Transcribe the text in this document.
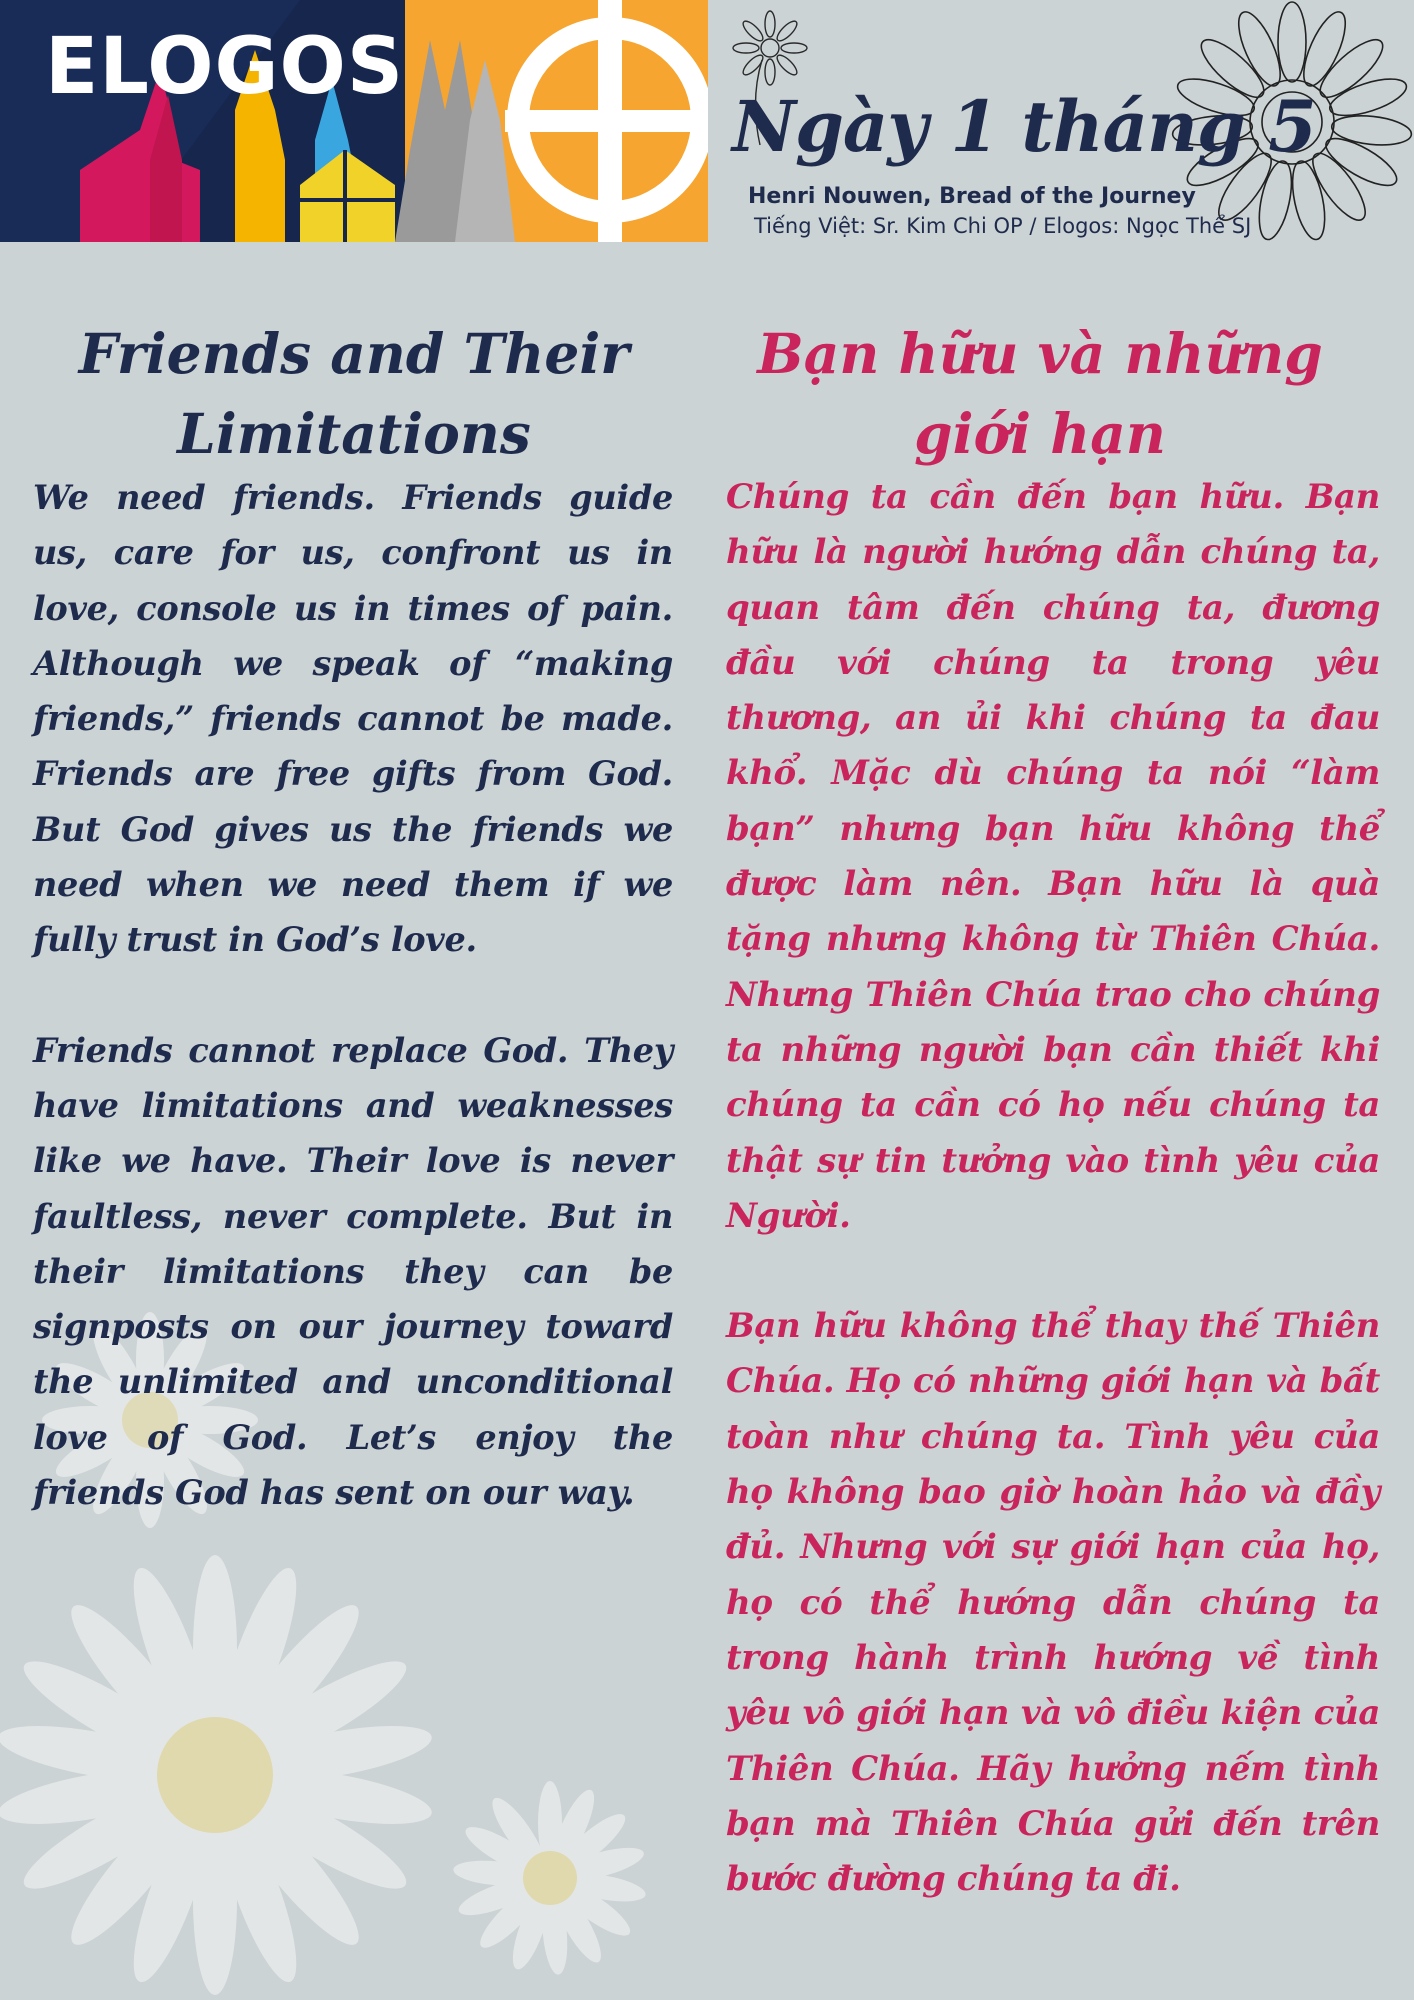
ELOGOS
Ngày 1 tháng 5
Henri Nouwen, Bread of the Journey
Tiếng Việt: Sr. Kim Chi OP / Elogos: Ngọc Thể SJ
Friends and Their
Limitations

We need friends. Friends guide us, care for us, confront us in love, console us in times of pain. Although we speak of “making friends,” friends cannot be made. Friends are free gifts from God. But God gives us the friends we need when we need them if we fully trust in God’s love.

Friends cannot replace God. They have limitations and weaknesses like we have. Their love is never faultless, never complete. But in their limitations they can be signposts on our journey toward the unlimited and unconditional love of God. Let’s enjoy the friends God has sent on our way.

Bạn hữu và những
giới hạn

Chúng ta cần đến bạn hữu. Bạn hữu là người hướng dẫn chúng ta, quan tâm đến chúng ta, đương đầu với chúng ta trong yêu thương, an ủi khi chúng ta đau khổ. Mặc dù chúng ta nói “làm bạn” nhưng bạn hữu không thể được làm nên. Bạn hữu là quà tặng nhưng không từ Thiên Chúa. Nhưng Thiên Chúa trao cho chúng ta những người bạn cần thiết khi chúng ta cần có họ nếu chúng ta thật sự tin tưởng vào tình yêu của Người.

Bạn hữu không thể thay thế Thiên Chúa. Họ có những giới hạn và bất toàn như chúng ta. Tình yêu của họ không bao giờ hoàn hảo và đầy đủ. Nhưng với sự giới hạn của họ, họ có thể hướng dẫn chúng ta trong hành trình hướng về tình yêu vô giới hạn và vô điều kiện của Thiên Chúa. Hãy hưởng nếm tình bạn mà Thiên Chúa gửi đến trên bước đường chúng ta đi.
